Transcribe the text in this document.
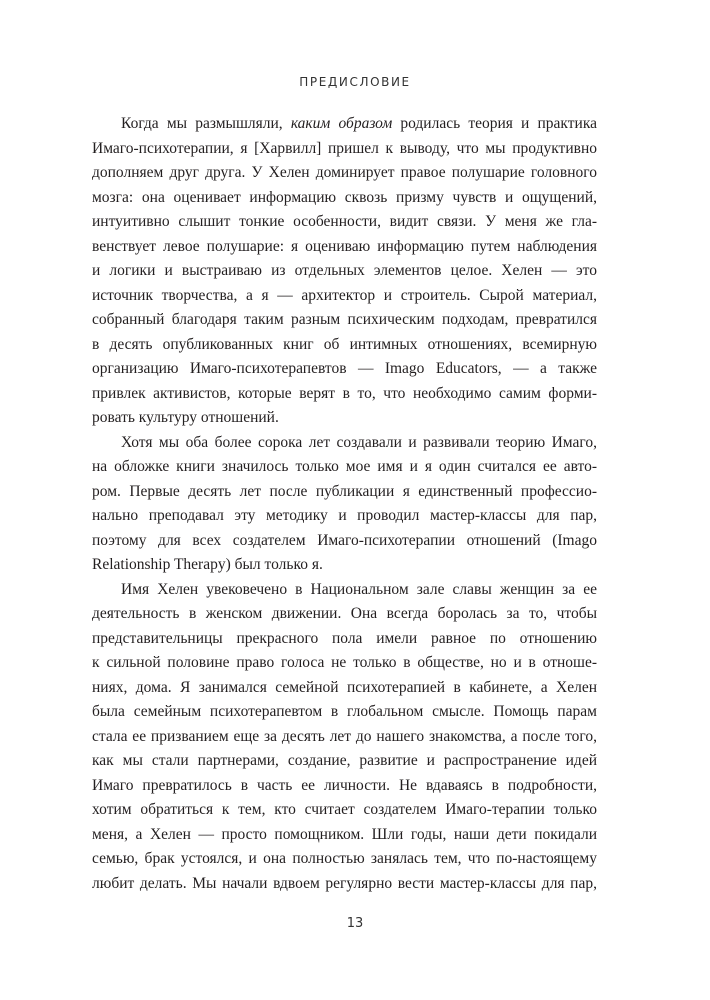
ПРЕДИСЛОВИЕ
Когда мы размышляли, каким образом родилась теория и практика
Имаго-психотерапии, я [Харвилл] пришел к выводу, что мы продуктивно
дополняем друг друга. У Хелен доминирует правое полушарие головного
мозга: она оценивает информацию сквозь призму чувств и ощущений,
интуитивно слышит тонкие особенности, видит связи. У меня же гла-
венствует левое полушарие: я оцениваю информацию путем наблюдения
и логики и выстраиваю из отдельных элементов целое. Хелен — это
источник творчества, а я — архитектор и строитель. Сырой материал,
собранный благодаря таким разным психическим подходам, превратился
в десять опубликованных книг об интимных отношениях, всемирную
организацию Имаго-психотерапевтов — Imago Educators, — а также
привлек активистов, которые верят в то, что необходимо самим форми-
ровать культуру отношений.
Хотя мы оба более сорока лет создавали и развивали теорию Имаго,
на обложке книги значилось только мое имя и я один считался ее авто-
ром. Первые десять лет после публикации я единственный профессио-
нально преподавал эту методику и проводил мастер-классы для пар,
поэтому для всех создателем Имаго-психотерапии отношений (Imago
Relationship Therapy) был только я.
Имя Хелен увековечено в Национальном зале славы женщин за ее
деятельность в женском движении. Она всегда боролась за то, чтобы
представительницы прекрасного пола имели равное по отношению
к сильной половине право голоса не только в обществе, но и в отноше-
ниях, дома. Я занимался семейной психотерапией в кабинете, а Хелен
была семейным психотерапевтом в глобальном смысле. Помощь парам
стала ее призванием еще за десять лет до нашего знакомства, а после того,
как мы стали партнерами, создание, развитие и распространение идей
Имаго превратилось в часть ее личности. Не вдаваясь в подробности,
хотим обратиться к тем, кто считает создателем Имаго-терапии только
меня, а Хелен — просто помощником. Шли годы, наши дети покидали
семью, брак устоялся, и она полностью занялась тем, что по-настоящему
любит делать. Мы начали вдвоем регулярно вести мастер-классы для пар,
13
